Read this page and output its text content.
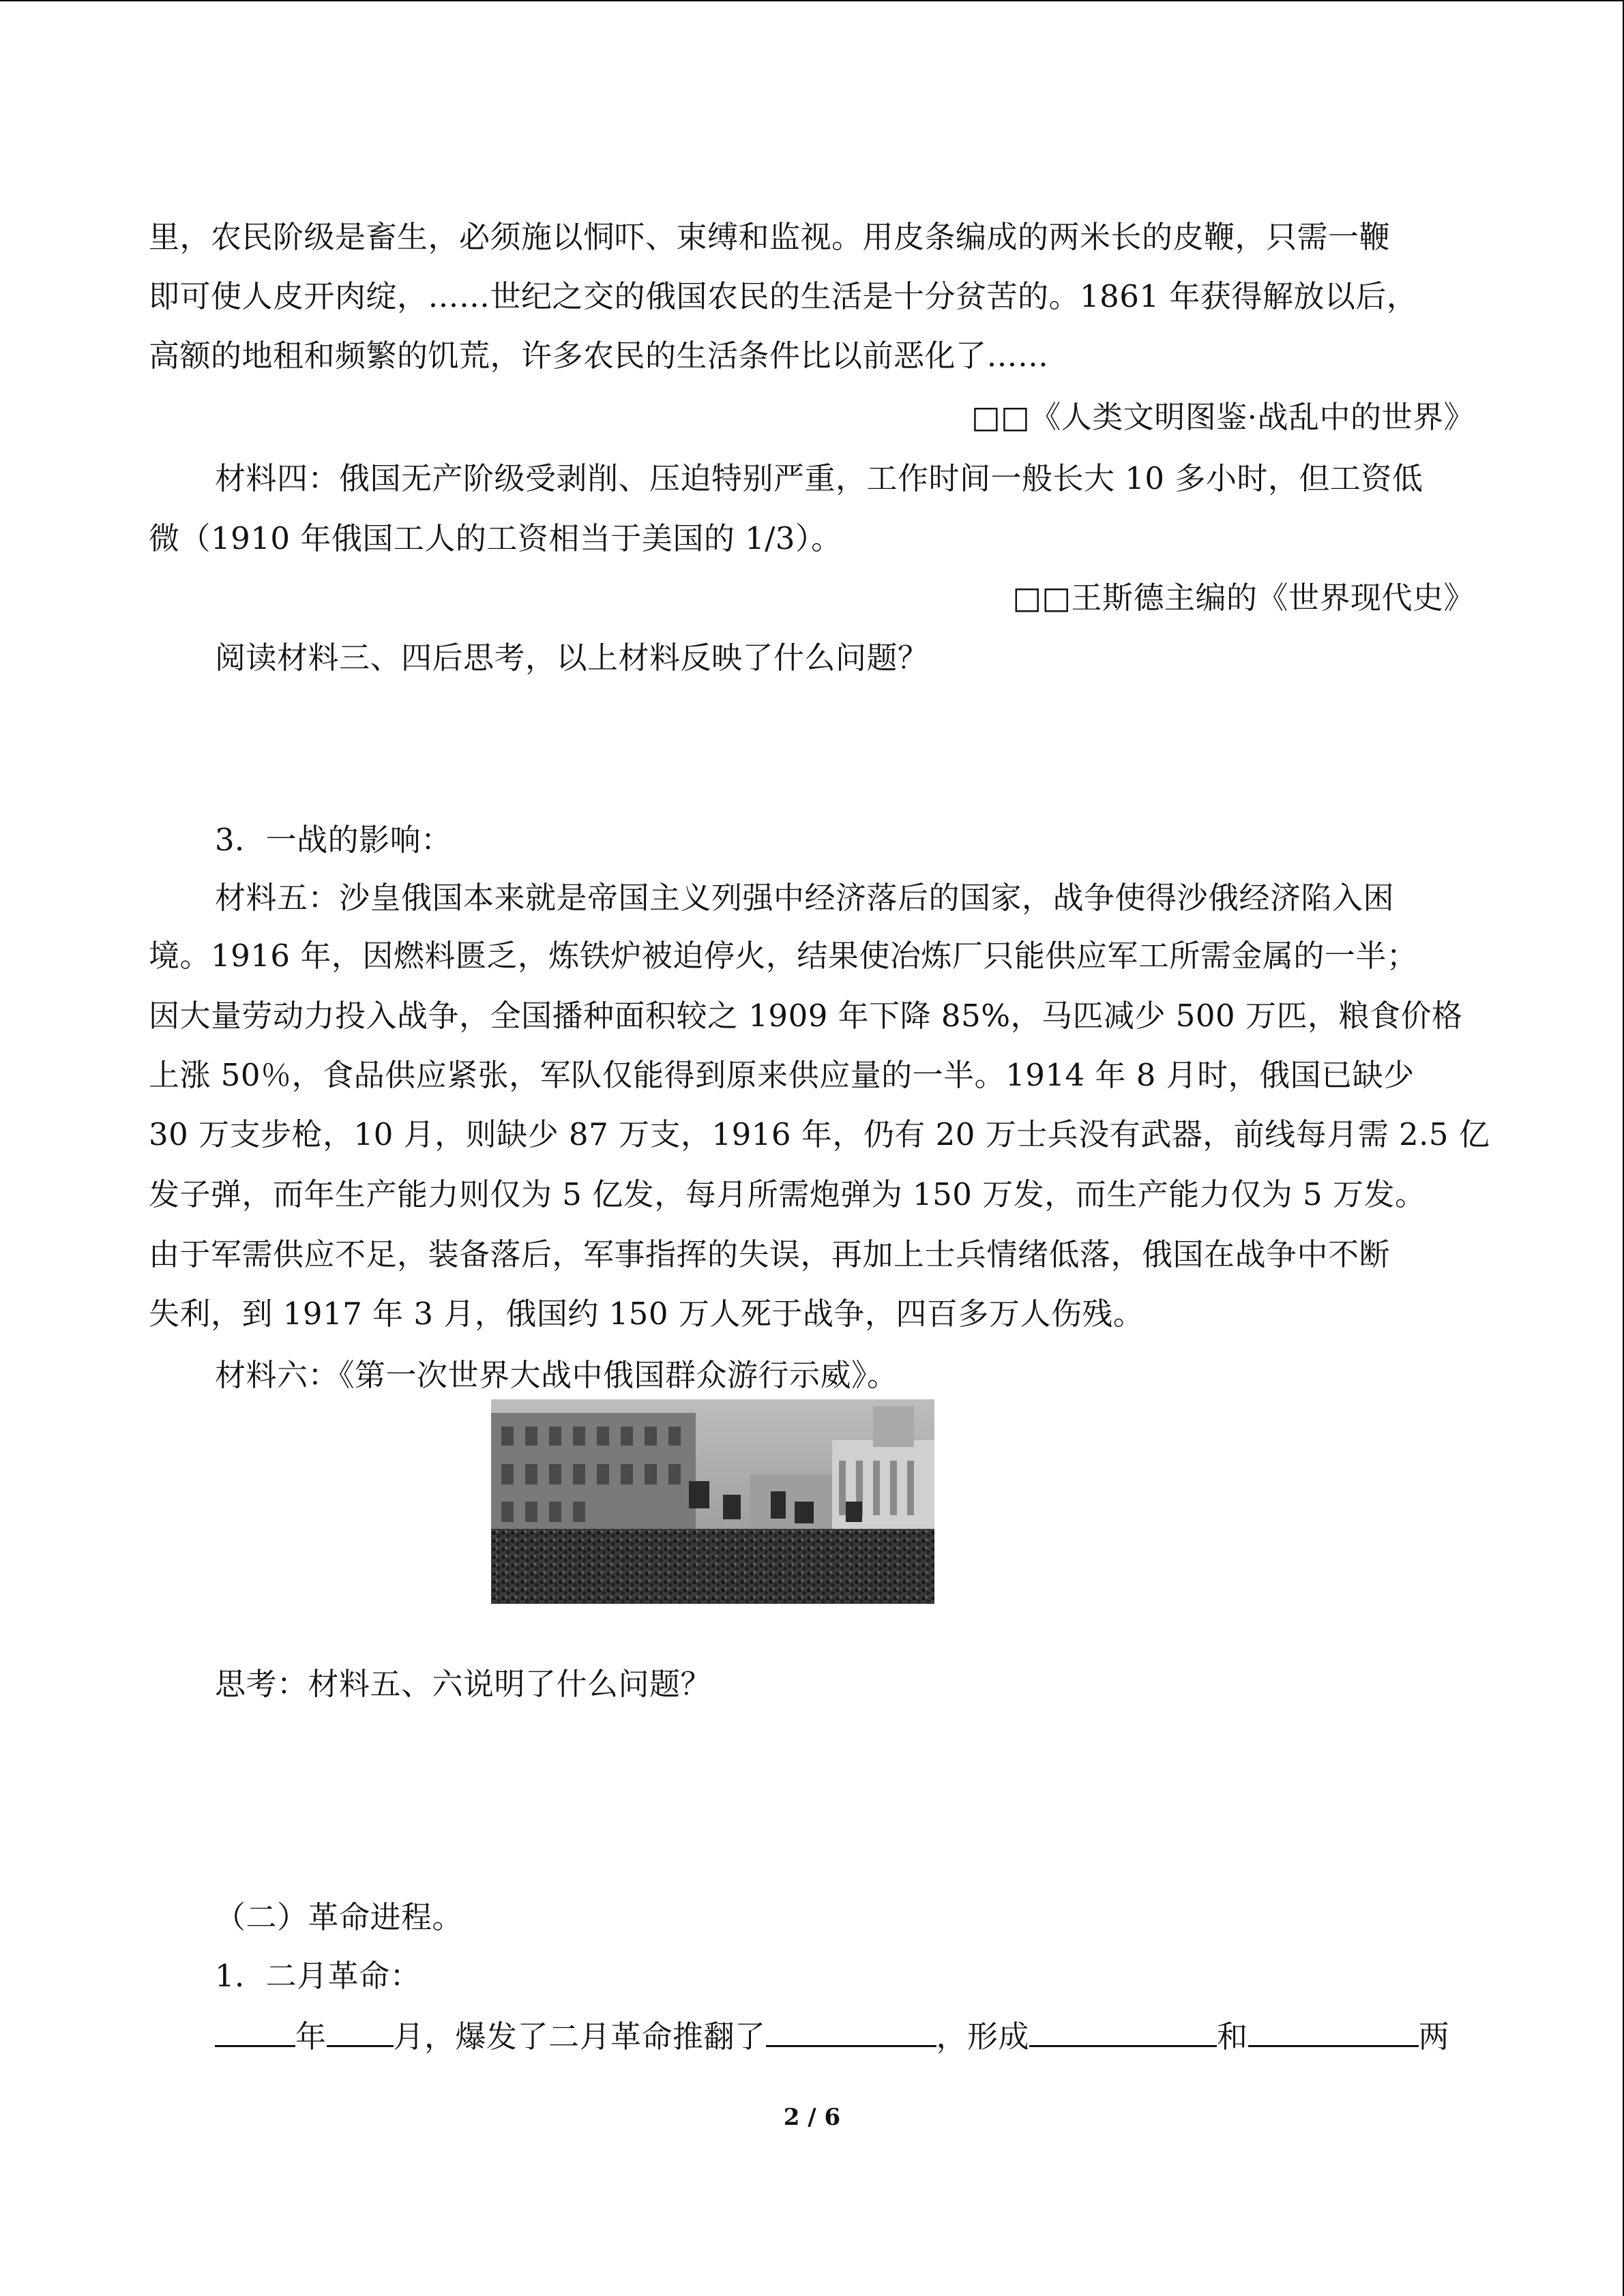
里，农民阶级是畜生，必须施以恫吓、束缚和监视。用皮条编成的两米长的皮鞭，只需一鞭
即可使人皮开肉绽，……世纪之交的俄国农民的生活是十分贫苦的。1861 年获得解放以后，
高额的地租和频繁的饥荒，许多农民的生活条件比以前恶化了……
□□《人类文明图鉴·战乱中的世界》
材料四：俄国无产阶级受剥削、压迫特别严重，工作时间一般长大 10 多小时，但工资低
微（1910 年俄国工人的工资相当于美国的 1/3）。
□□王斯德主编的《世界现代史》
阅读材料三、四后思考，以上材料反映了什么问题？
3．一战的影响：
材料五：沙皇俄国本来就是帝国主义列强中经济落后的国家，战争使得沙俄经济陷入困
境。1916 年，因燃料匮乏，炼铁炉被迫停火，结果使冶炼厂只能供应军工所需金属的一半；
因大量劳动力投入战争，全国播种面积较之 1909 年下降 85%，马匹减少 500 万匹，粮食价格
上涨 50％，食品供应紧张，军队仅能得到原来供应量的一半。1914 年 8 月时，俄国已缺少
30 万支步枪，10 月，则缺少 87 万支，1916 年，仍有 20 万士兵没有武器，前线每月需 2.5 亿
发子弹，而年生产能力则仅为 5 亿发，每月所需炮弹为 150 万发，而生产能力仅为 5 万发。
由于军需供应不足，装备落后，军事指挥的失误，再加上士兵情绪低落，俄国在战争中不断
失利，到 1917 年 3 月，俄国约 150 万人死于战争，四百多万人伤残。
材料六：《第一次世界大战中俄国群众游行示威》。
思考：材料五、六说明了什么问题？
（二）革命进程。
1．二月革命：
年 月，爆发了二月革命推翻了	，形成	和	两
2 / 6
